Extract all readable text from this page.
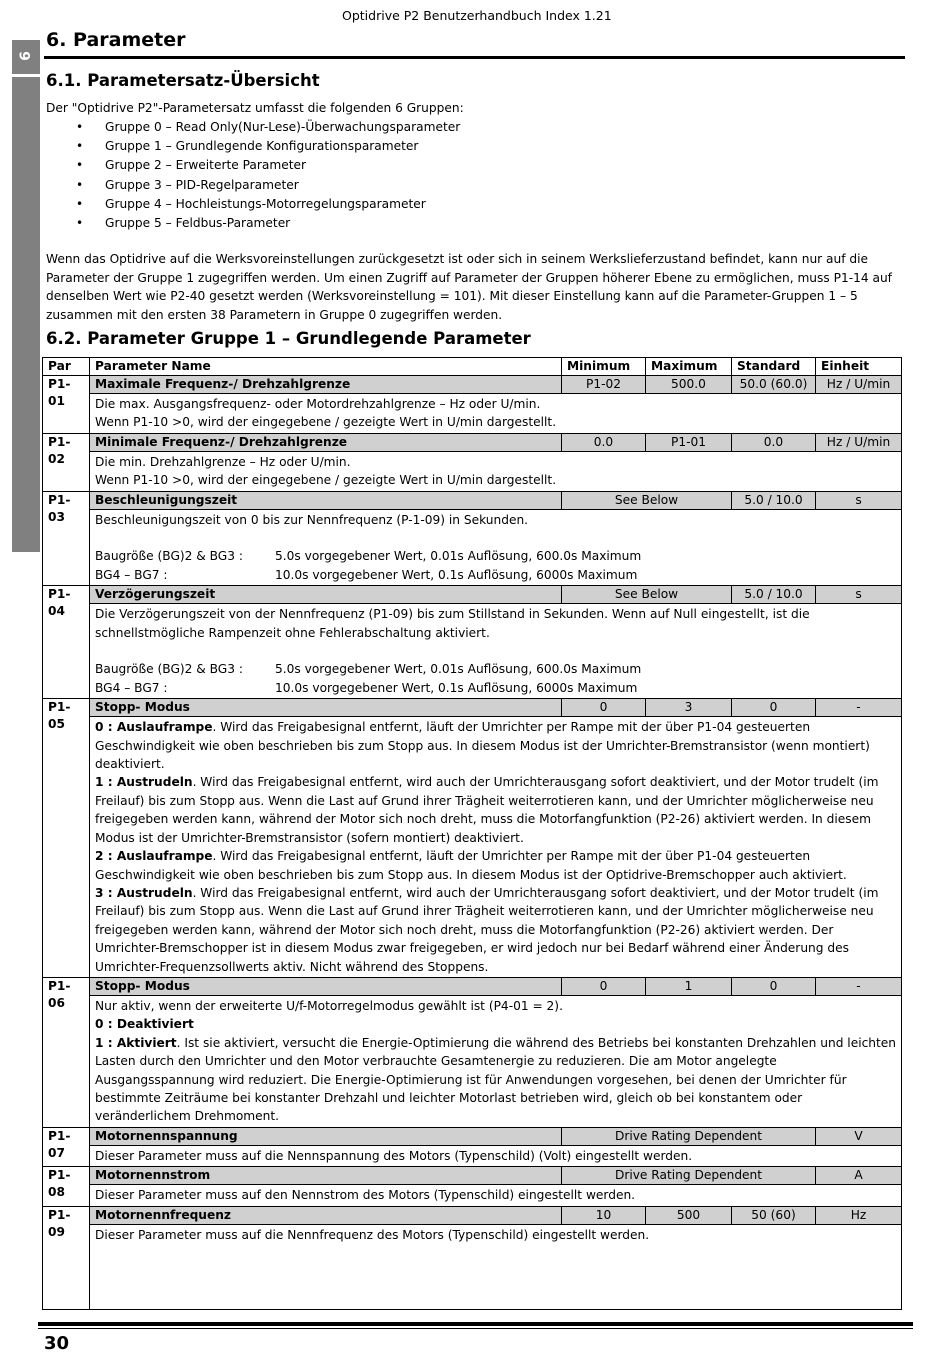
Optidrive P2 Benutzerhandbuch Index 1.21
6
6. Parameter
6.1. Parametersatz-Übersicht
Der "Optidrive P2"-Parametersatz umfasst die folgenden 6 Gruppen:
• Gruppe 0 – Read Only(Nur-Lese)-Überwachungsparameter
• Gruppe 1 – Grundlegende Konfigurationsparameter
• Gruppe 2 – Erweiterte Parameter
• Gruppe 3 – PID-Regelparameter
• Gruppe 4 – Hochleistungs-Motorregelungsparameter
• Gruppe 5 – Feldbus-Parameter
Wenn das Optidrive auf die Werksvoreinstellungen zurückgesetzt ist oder sich in seinem Werkslieferzustand befindet, kann nur auf die Parameter der Gruppe 1 zugegriffen werden. Um einen Zugriff auf Parameter der Gruppen höherer Ebene zu ermöglichen, muss P1-14 auf denselben Wert wie P2-40 gesetzt werden (Werksvoreinstellung = 101). Mit dieser Einstellung kann auf die Parameter-Gruppen 1 – 5 zusammen mit den ersten 38 Parametern in Gruppe 0 zugegriffen werden.
6.2. Parameter Gruppe 1 – Grundlegende Parameter
Par	Parameter Name	Minimum	Maximum	Standard	Einheit
P1-01	Maximale Frequenz-/ Drehzahlgrenze	P1-02	500.0	50.0 (60.0)	Hz / U/min

	Die max. Ausgangsfrequenz- oder Motordrehzahlgrenze – Hz oder U/min.
Wenn P1-10 >0, wird der eingegebene / gezeigte Wert in U/min dargestellt.				

P1-02	Minimale Frequenz-/ Drehzahlgrenze	0.0	P1-01	0.0	Hz / U/min

	Die min. Drehzahlgrenze – Hz oder U/min.
Wenn P1-10 >0, wird der eingegebene / gezeigte Wert in U/min dargestellt.				

P1-03	Beschleunigungszeit	See Below		5.0 / 10.0	s

	Beschleunigungszeit von 0 bis zur Nennfrequenz (P-1-09) in Sekunden.
Baugröße (BG)2 & BG3 : 5.0s vorgegebener Wert, 0.01s Auflösung, 600.0s Maximum
BG4 – BG7 : 10.0s vorgegebener Wert, 0.1s Auflösung, 6000s Maximum				

P1-04	Verzögerungszeit	See Below		5.0 / 10.0	s

	Die Verzögerungszeit von der Nennfrequenz (P1-09) bis zum Stillstand in Sekunden. Wenn auf Null eingestellt, ist die schnellstmögliche Rampenzeit ohne Fehlerabschaltung aktiviert.
Baugröße (BG)2 & BG3 : 5.0s vorgegebener Wert, 0.01s Auflösung, 600.0s Maximum
BG4 – BG7 : 10.0s vorgegebener Wert, 0.1s Auflösung, 6000s Maximum				

P1-05	Stopp- Modus	0	3	0	-

	0 : Auslauframpe. Wird das Freigabesignal entfernt, läuft der Umrichter per Rampe mit der über P1-04 gesteuerten Geschwindigkeit wie oben beschrieben bis zum Stopp aus. In diesem Modus ist der Umrichter-Bremstransistor (wenn montiert) deaktiviert.
1 : Austrudeln. Wird das Freigabesignal entfernt, wird auch der Umrichterausgang sofort deaktiviert, und der Motor trudelt (im Freilauf) bis zum Stopp aus. Wenn die Last auf Grund ihrer Trägheit weiterrotieren kann, und der Umrichter möglicherweise neu freigegeben werden kann, während der Motor sich noch dreht, muss die Motorfangfunktion (P2-26) aktiviert werden. In diesem Modus ist der Umrichter-Bremstransistor (sofern montiert) deaktiviert.
2 : Auslauframpe. Wird das Freigabesignal entfernt, läuft der Umrichter per Rampe mit der über P1-04 gesteuerten Geschwindigkeit wie oben beschrieben bis zum Stopp aus. In diesem Modus ist der Optidrive-Bremschopper auch aktiviert.
3 : Austrudeln. Wird das Freigabesignal entfernt, wird auch der Umrichterausgang sofort deaktiviert, und der Motor trudelt (im Freilauf) bis zum Stopp aus. Wenn die Last auf Grund ihrer Trägheit weiterrotieren kann, und der Umrichter möglicherweise neu freigegeben werden kann, während der Motor sich noch dreht, muss die Motorfangfunktion (P2-26) aktiviert werden. Der Umrichter-Bremschopper ist in diesem Modus zwar freigegeben, er wird jedoch nur bei Bedarf während einer Änderung des Umrichter-Frequenzsollwerts aktiv. Nicht während des Stoppens.				

P1-06	Stopp- Modus	0	1	0	-

	Nur aktiv, wenn der erweiterte U/f-Motorregelmodus gewählt ist (P4-01 = 2).
0 : Deaktiviert
1 : Aktiviert. Ist sie aktiviert, versucht die Energie-Optimierung die während des Betriebs bei konstanten Drehzahlen und leichten Lasten durch den Umrichter und den Motor verbrauchte Gesamtenergie zu reduzieren. Die am Motor angelegte Ausgangsspannung wird reduziert. Die Energie-Optimierung ist für Anwendungen vorgesehen, bei denen der Umrichter für bestimmte Zeiträume bei konstanter Drehzahl und leichter Motorlast betrieben wird, gleich ob bei konstantem oder veränderlichem Drehmoment.				

P1-07	Motornennspannung	Drive Rating Dependent			V
	Dieser Parameter muss auf die Nennspannung des Motors (Typenschild) (Volt) eingestellt werden.				
P1-08	Motornennstrom	Drive Rating Dependent			A
	Dieser Parameter muss auf den Nennstrom des Motors (Typenschild) eingestellt werden.				
P1-09	Motornennfrequenz	10	500	50 (60)	Hz
	Dieser Parameter muss auf die Nennfrequenz des Motors (Typenschild) eingestellt werden.				
30
